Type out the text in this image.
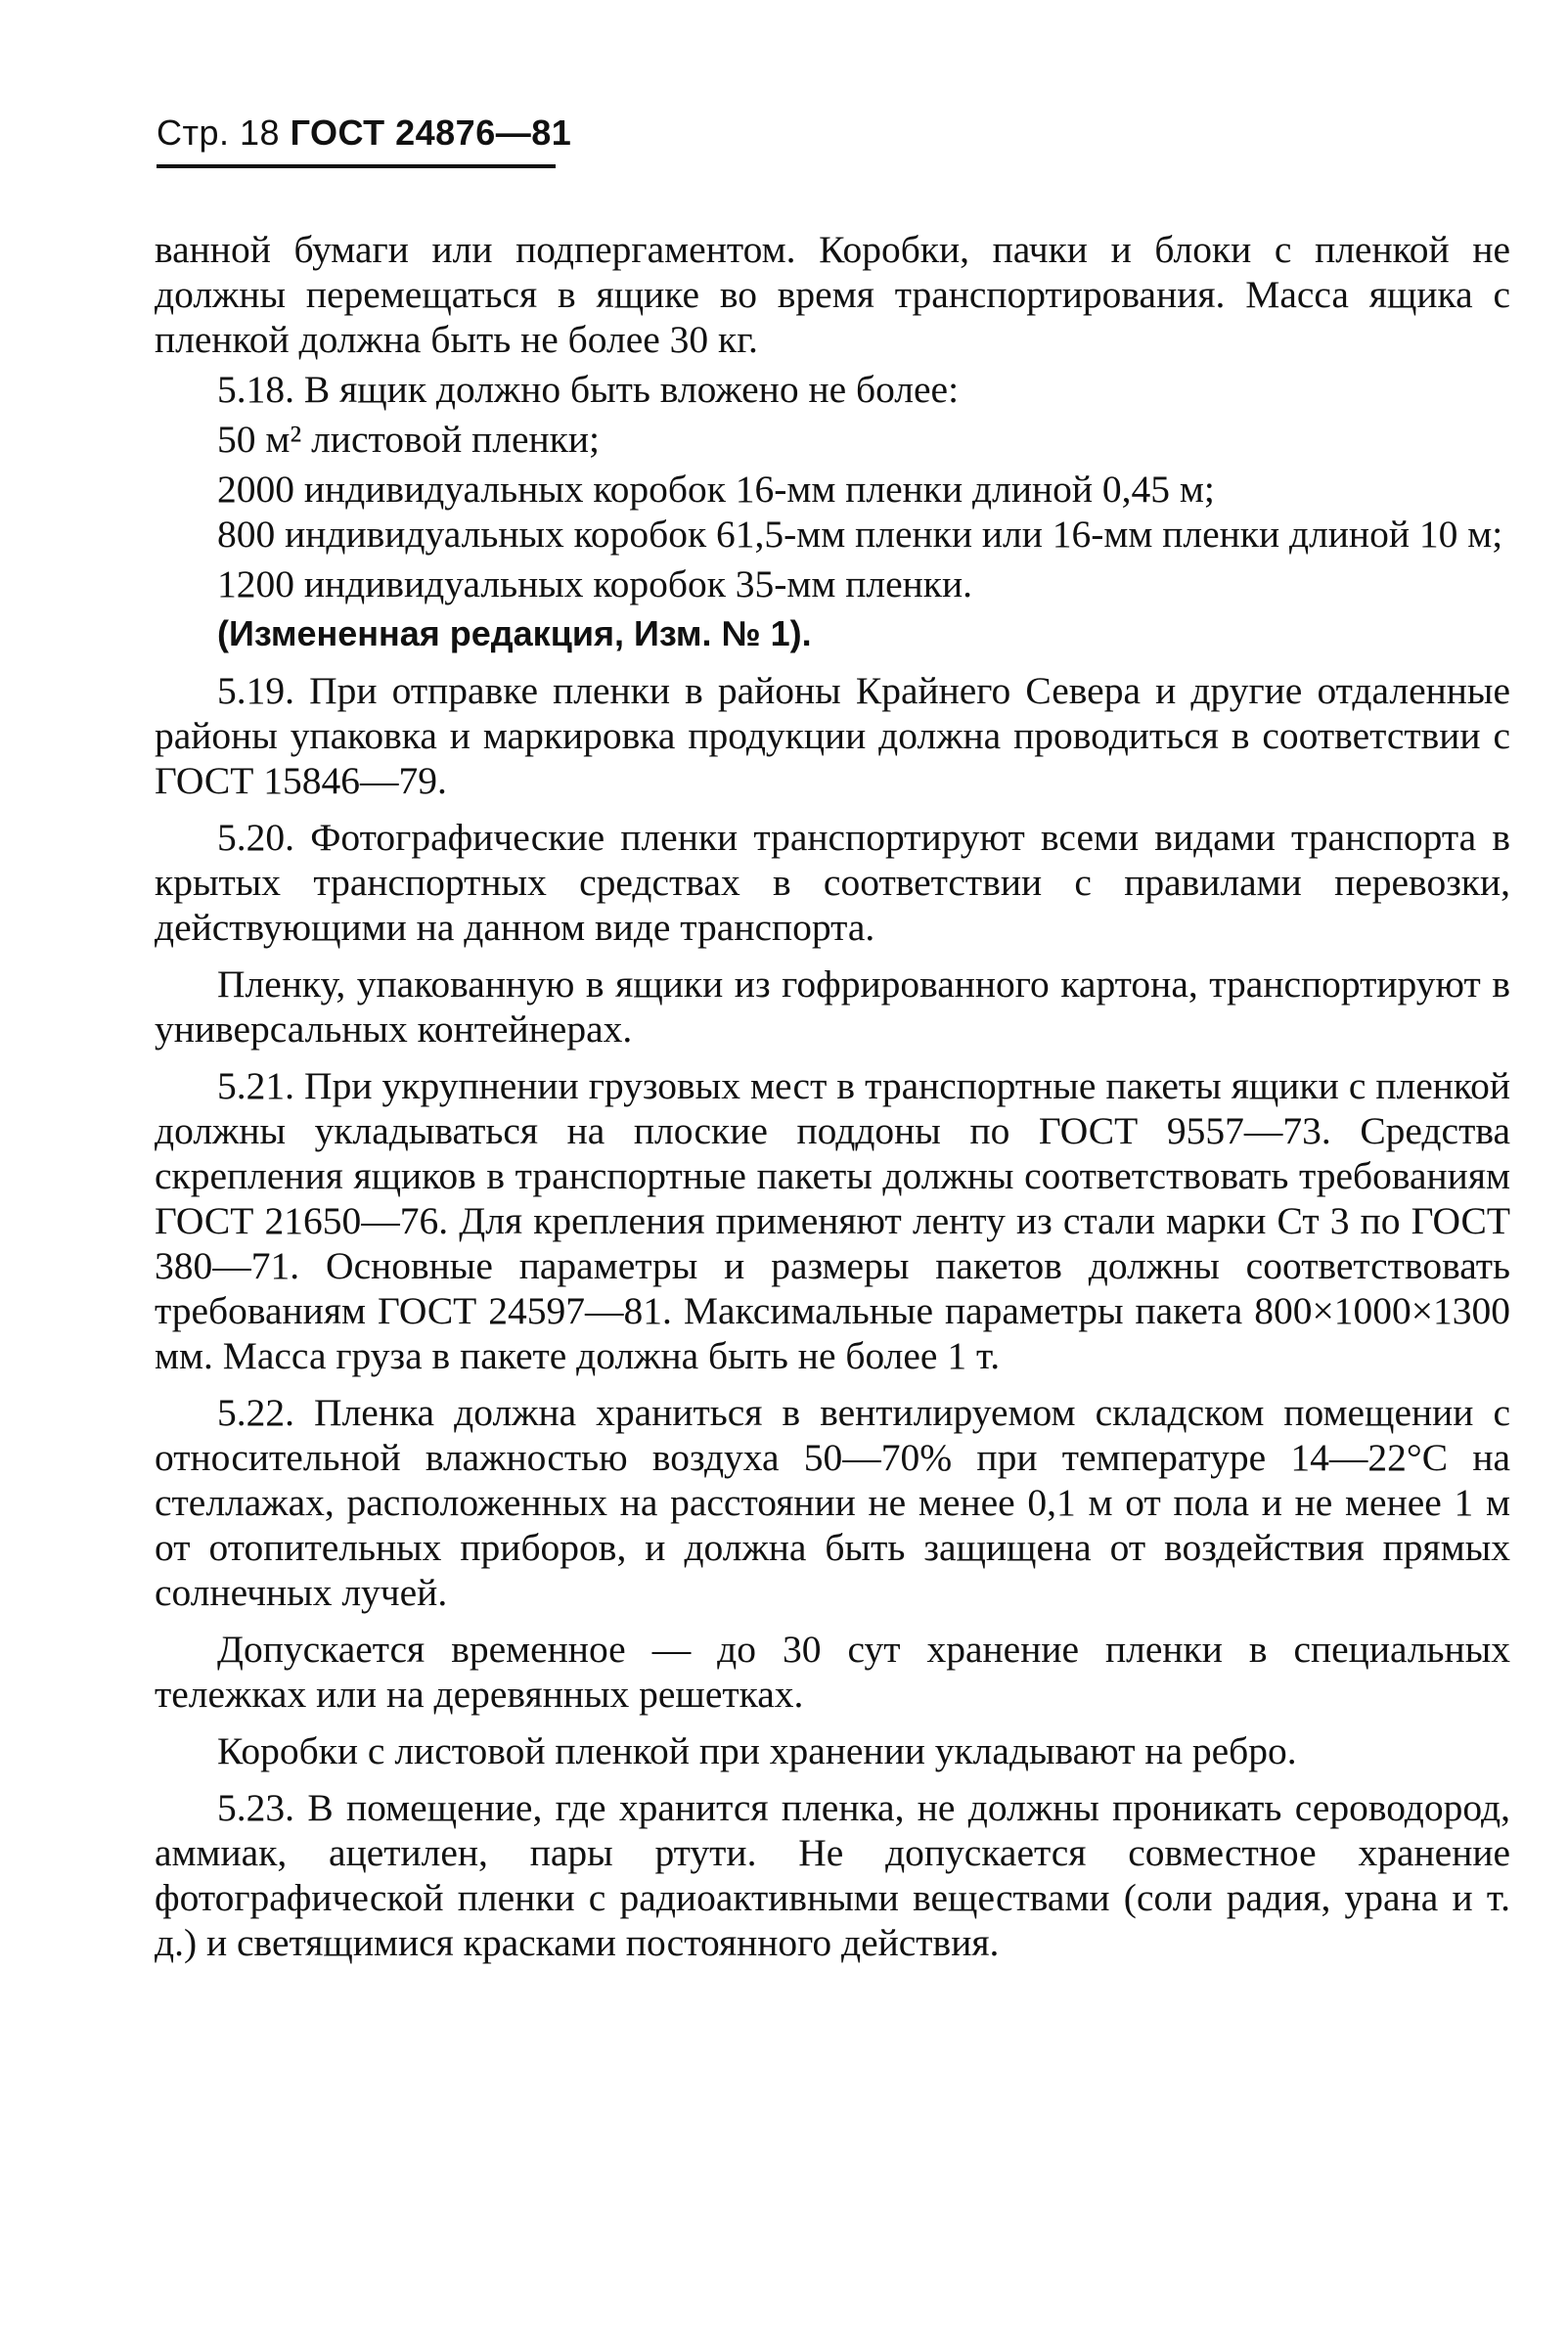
Стр. 18 ГОСТ 24876—81

ванной бумаги или подпергаментом. Коробки, пачки и блоки с пленкой не должны перемещаться в ящике во время транспортирования. Масса ящика с пленкой должна быть не более 30 кг.

5.18. В ящик должно быть вложено не более:

50 м² листовой пленки;

2000 индивидуальных коробок 16-мм пленки длиной 0,45 м;

800 индивидуальных коробок 61,5-мм пленки или 16-мм пленки длиной 10 м;

1200 индивидуальных коробок 35-мм пленки.

(Измененная редакция, Изм. № 1).

5.19. При отправке пленки в районы Крайнего Севера и другие отдаленные районы упаковка и маркировка продукции должна проводиться в соответствии с ГОСТ 15846—79.

5.20. Фотографические пленки транспортируют всеми видами транспорта в крытых транспортных средствах в соответствии с правилами перевозки, действующими на данном виде транспорта.

Пленку, упакованную в ящики из гофрированного картона, транспортируют в универсальных контейнерах.

5.21. При укрупнении грузовых мест в транспортные пакеты ящики с пленкой должны укладываться на плоские поддоны по ГОСТ 9557—73. Средства скрепления ящиков в транспортные пакеты должны соответствовать требованиям ГОСТ 21650—76. Для крепления применяют ленту из стали марки Ст 3 по ГОСТ 380—71. Основные параметры и размеры пакетов должны соответствовать требованиям ГОСТ 24597—81. Максимальные параметры пакета 800×1000×1300 мм. Масса груза в пакете должна быть не более 1 т.

5.22. Пленка должна храниться в вентилируемом складском помещении с относительной влажностью воздуха 50—70% при температуре 14—22°С на стеллажах, расположенных на расстоянии не менее 0,1 м от пола и не менее 1 м от отопительных приборов, и должна быть защищена от воздействия прямых солнечных лучей.

Допускается временное — до 30 сут хранение пленки в специальных тележках или на деревянных решетках.

Коробки с листовой пленкой при хранении укладывают на ребро.

5.23. В помещение, где хранится пленка, не должны проникать сероводород, аммиак, ацетилен, пары ртути. Не допускается совместное хранение фотографической пленки с радиоактивными веществами (соли радия, урана и т. д.) и светящимися красками постоянного действия.
